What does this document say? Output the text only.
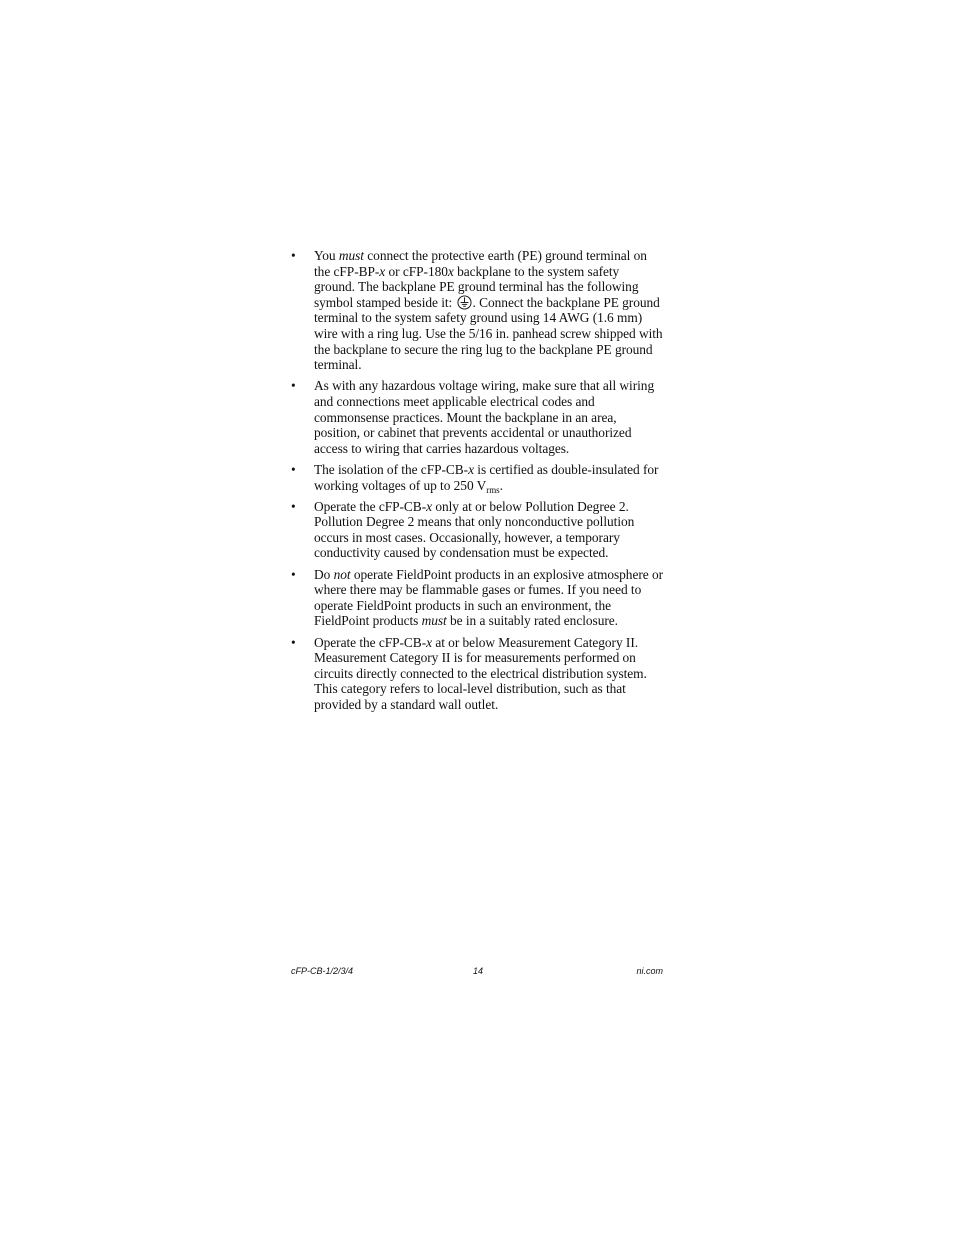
• You must connect the protective earth (PE) ground terminal on the cFP-BP-x or cFP-180x backplane to the system safety ground. The backplane PE ground terminal has the following symbol stamped beside it: . Connect the backplane PE ground terminal to the system safety ground using 14 AWG (1.6 mm) wire with a ring lug. Use the 5/16 in. panhead screw shipped with the backplane to secure the ring lug to the backplane PE ground terminal.
• As with any hazardous voltage wiring, make sure that all wiring and connections meet applicable electrical codes and commonsense practices. Mount the backplane in an area, position, or cabinet that prevents accidental or unauthorized access to wiring that carries hazardous voltages.
• The isolation of the cFP-CB-x is certified as double-insulated for working voltages of up to 250 $V_{rms}$.
• Operate the cFP-CB-x only at or below Pollution Degree 2. Pollution Degree 2 means that only nonconductive pollution occurs in most cases. Occasionally, however, a temporary conductivity caused by condensation must be expected.
• Do not operate FieldPoint products in an explosive atmosphere or where there may be flammable gases or fumes. If you need to operate FieldPoint products in such an environment, the FieldPoint products must be in a suitably rated enclosure.
• Operate the cFP-CB-x at or below Measurement Category II. Measurement Category II is for measurements performed on circuits directly connected to the electrical distribution system. This category refers to local-level distribution, such as that provided by a standard wall outlet.
cFP-CB-1/2/3/4	14	ni.com
